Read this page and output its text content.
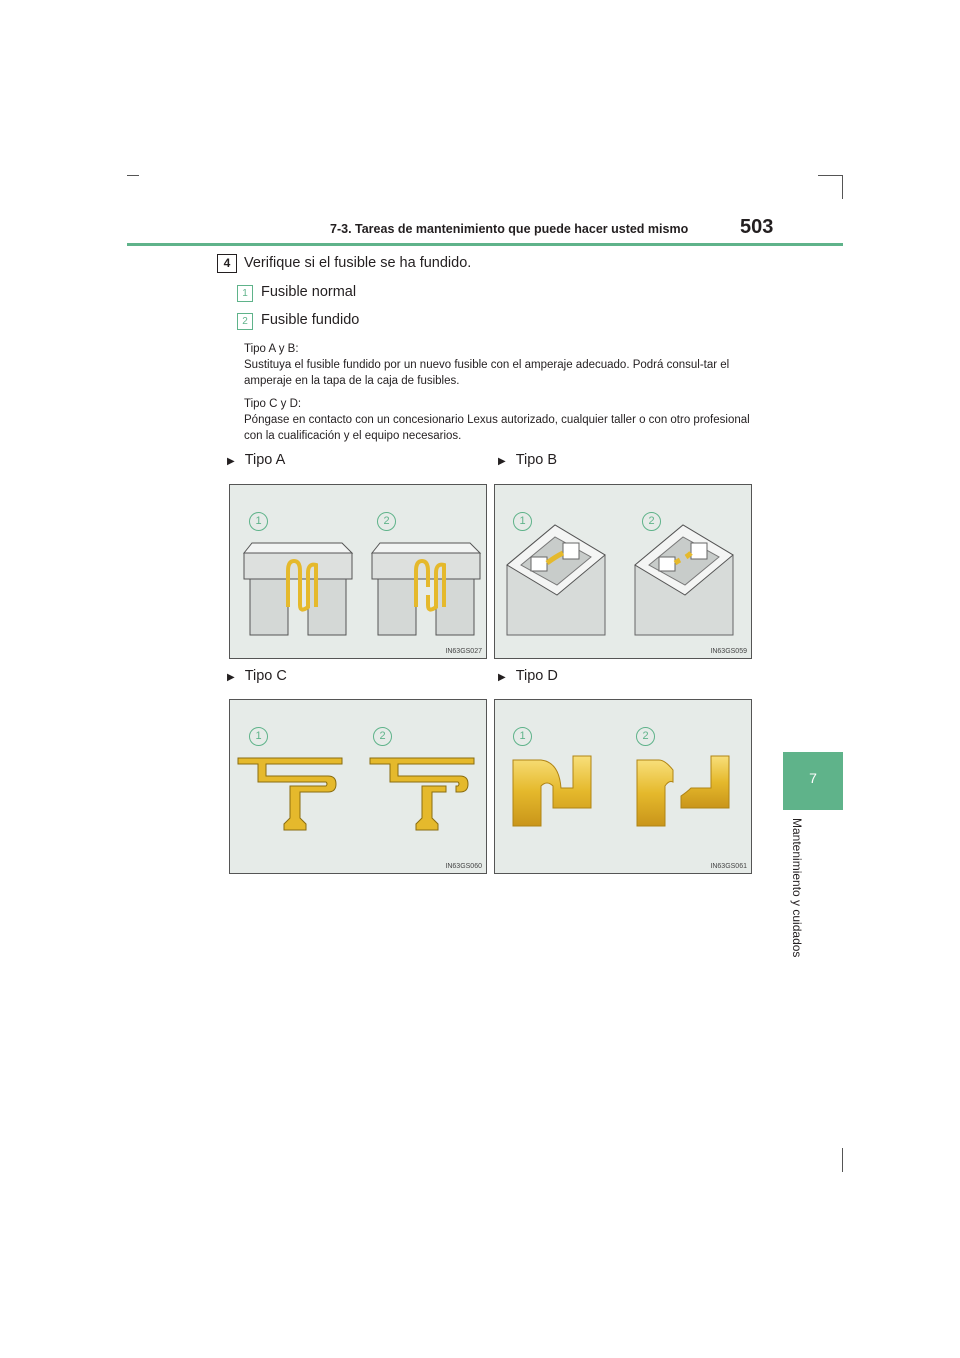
7-3. Tareas de mantenimiento que puede hacer usted mismo	503
7
Mantenimiento y cuidados
4 Verifique si el fusible se ha fundido.
1 Fusible normal
2 Fusible fundido
Tipo A y B:
Sustituya el fusible fundido por un nuevo fusible con el amperaje adecuado. Podrá consul-tar el amperaje en la tapa de la caja de fusibles.
Tipo C y D:
Póngase en contacto con un concesionario Lexus autorizado, cualquier taller o con otro profesional con la cualificación y el equipo necesarios.
▶ Tipo A	▶ Tipo B
▶ Tipo C	▶ Tipo D
1	2
IN63GS027
1	2
IN63GS059
1	2
IN63GS060
1	2
IN63GS061
